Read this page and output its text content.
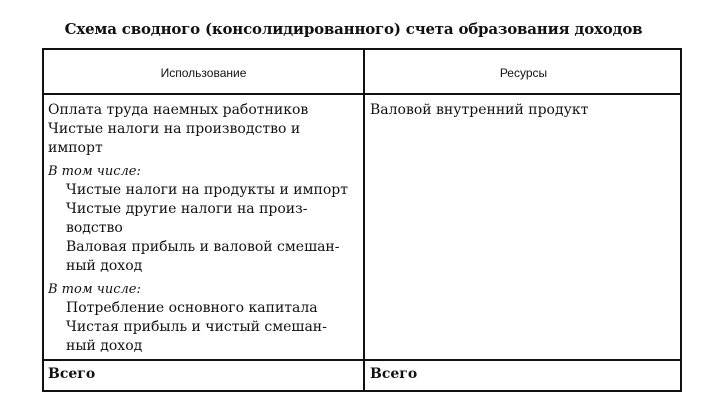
Схема сводного (консолидированного) счета образования доходов
Использование	Ресурсы
Оплата труда наемных работников
Чистые налоги на производство и
импорт
В том числе:
Чистые налоги на продукты и импорт
Чистые другие налоги на произ-
водство
Валовая прибыль и валовой смешан-
ный доход
В том числе:
Потребление основного капитала
Чистая прибыль и чистый смешан-
ный доход
Валовой внутренний продукт
Всего	Всего
